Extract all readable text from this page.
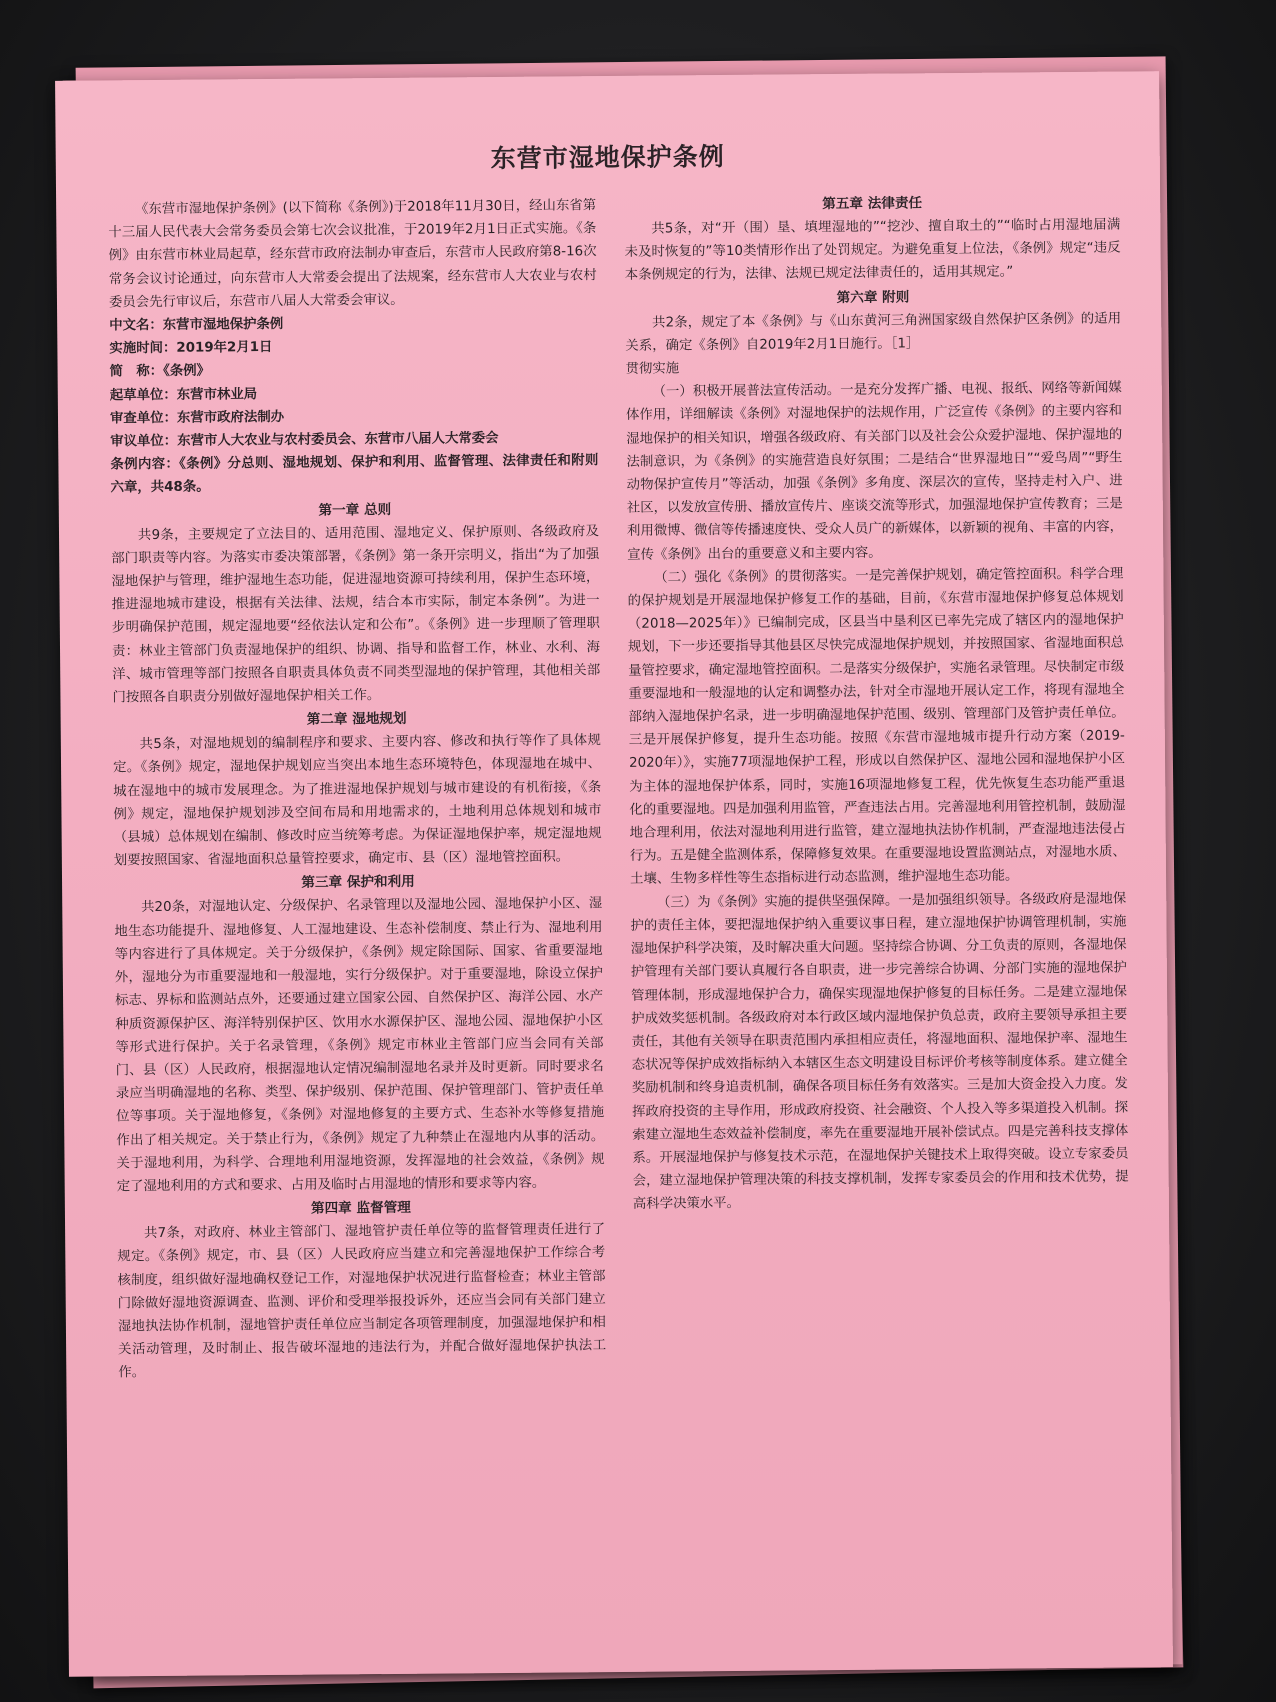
东营市湿地保护条例

《东营市湿地保护条例》(以下简称《条例》)于2018年11月30日，经山东省第十三届人民代表大会常务委员会第七次会议批准，于2019年2月1日正式实施。《条例》由东营市林业局起草，经东营市政府法制办审查后，东营市人民政府第8-16次常务会议讨论通过，向东营市人大常委会提出了法规案，经东营市人大农业与农村委员会先行审议后，东营市八届人大常委会审议。

中文名：东营市湿地保护条例

实施时间：2019年2月1日

简　称：《条例》

起草单位：东营市林业局

审查单位：东营市政府法制办

审议单位：东营市人大农业与农村委员会、东营市八届人大常委会

条例内容：《条例》分总则、湿地规划、保护和利用、监督管理、法律责任和附则六章，共48条。

第一章 总则

共9条，主要规定了立法目的、适用范围、湿地定义、保护原则、各级政府及部门职责等内容。为落实市委决策部署，《条例》第一条开宗明义，指出“为了加强湿地保护与管理，维护湿地生态功能，促进湿地资源可持续利用，保护生态环境，推进湿地城市建设，根据有关法律、法规，结合本市实际，制定本条例”。为进一步明确保护范围，规定湿地要“经依法认定和公布”。《条例》进一步理顺了管理职责：林业主管部门负责湿地保护的组织、协调、指导和监督工作，林业、水利、海洋、城市管理等部门按照各自职责具体负责不同类型湿地的保护管理，其他相关部门按照各自职责分别做好湿地保护相关工作。

第二章 湿地规划

共5条，对湿地规划的编制程序和要求、主要内容、修改和执行等作了具体规定。《条例》规定，湿地保护规划应当突出本地生态环境特色，体现湿地在城中、城在湿地中的城市发展理念。为了推进湿地保护规划与城市建设的有机衔接，《条例》规定，湿地保护规划涉及空间布局和用地需求的，土地利用总体规划和城市（县城）总体规划在编制、修改时应当统筹考虑。为保证湿地保护率，规定湿地规划要按照国家、省湿地面积总量管控要求，确定市、县（区）湿地管控面积。

第三章 保护和利用

共20条，对湿地认定、分级保护、名录管理以及湿地公园、湿地保护小区、湿地生态功能提升、湿地修复、人工湿地建设、生态补偿制度、禁止行为、湿地利用等内容进行了具体规定。关于分级保护，《条例》规定除国际、国家、省重要湿地外，湿地分为市重要湿地和一般湿地，实行分级保护。对于重要湿地，除设立保护标志、界标和监测站点外，还要通过建立国家公园、自然保护区、海洋公园、水产种质资源保护区、海洋特别保护区、饮用水水源保护区、湿地公园、湿地保护小区等形式进行保护。关于名录管理，《条例》规定市林业主管部门应当会同有关部门、县（区）人民政府，根据湿地认定情况编制湿地名录并及时更新。同时要求名录应当明确湿地的名称、类型、保护级别、保护范围、保护管理部门、管护责任单位等事项。关于湿地修复，《条例》对湿地修复的主要方式、生态补水等修复措施作出了相关规定。关于禁止行为，《条例》规定了九种禁止在湿地内从事的活动。关于湿地利用，为科学、合理地利用湿地资源，发挥湿地的社会效益，《条例》规定了湿地利用的方式和要求、占用及临时占用湿地的情形和要求等内容。

第四章 监督管理

共7条，对政府、林业主管部门、湿地管护责任单位等的监督管理责任进行了规定。《条例》规定，市、县（区）人民政府应当建立和完善湿地保护工作综合考核制度，组织做好湿地确权登记工作，对湿地保护状况进行监督检查；林业主管部门除做好湿地资源调查、监测、评价和受理举报投诉外，还应当会同有关部门建立湿地执法协作机制，湿地管护责任单位应当制定各项管理制度，加强湿地保护和相关活动管理，及时制止、报告破坏湿地的违法行为，并配合做好湿地保护执法工作。

第五章 法律责任

共5条，对“开（围）垦、填埋湿地的”“挖沙、擅自取土的”“临时占用湿地届满未及时恢复的”等10类情形作出了处罚规定。为避免重复上位法，《条例》规定“违反本条例规定的行为，法律、法规已规定法律责任的，适用其规定。”

第六章 附则

共2条，规定了本《条例》与《山东黄河三角洲国家级自然保护区条例》的适用关系，确定《条例》自2019年2月1日施行。［1］

贯彻实施

（一）积极开展普法宣传活动。一是充分发挥广播、电视、报纸、网络等新闻媒体作用，详细解读《条例》对湿地保护的法规作用，广泛宣传《条例》的主要内容和湿地保护的相关知识，增强各级政府、有关部门以及社会公众爱护湿地、保护湿地的法制意识，为《条例》的实施营造良好氛围；二是结合“世界湿地日”“爱鸟周”“野生动物保护宣传月”等活动，加强《条例》多角度、深层次的宣传，坚持走村入户、进社区，以发放宣传册、播放宣传片、座谈交流等形式，加强湿地保护宣传教育；三是利用微博、微信等传播速度快、受众人员广的新媒体，以新颖的视角、丰富的内容，宣传《条例》出台的重要意义和主要内容。

（二）强化《条例》的贯彻落实。一是完善保护规划，确定管控面积。科学合理的保护规划是开展湿地保护修复工作的基础，目前，《东营市湿地保护修复总体规划（2018—2025年）》已编制完成，区县当中垦利区已率先完成了辖区内的湿地保护规划，下一步还要指导其他县区尽快完成湿地保护规划，并按照国家、省湿地面积总量管控要求，确定湿地管控面积。二是落实分级保护，实施名录管理。尽快制定市级重要湿地和一般湿地的认定和调整办法，针对全市湿地开展认定工作，将现有湿地全部纳入湿地保护名录，进一步明确湿地保护范围、级别、管理部门及管护责任单位。三是开展保护修复，提升生态功能。按照《东营市湿地城市提升行动方案（2019-2020年）》，实施77项湿地保护工程，形成以自然保护区、湿地公园和湿地保护小区为主体的湿地保护体系，同时，实施16项湿地修复工程，优先恢复生态功能严重退化的重要湿地。四是加强利用监管，严查违法占用。完善湿地利用管控机制，鼓励湿地合理利用，依法对湿地利用进行监管，建立湿地执法协作机制，严查湿地违法侵占行为。五是健全监测体系，保障修复效果。在重要湿地设置监测站点，对湿地水质、土壤、生物多样性等生态指标进行动态监测，维护湿地生态功能。

（三）为《条例》实施的提供坚强保障。一是加强组织领导。各级政府是湿地保护的责任主体，要把湿地保护纳入重要议事日程，建立湿地保护协调管理机制，实施湿地保护科学决策，及时解决重大问题。坚持综合协调、分工负责的原则，各湿地保护管理有关部门要认真履行各自职责，进一步完善综合协调、分部门实施的湿地保护管理体制，形成湿地保护合力，确保实现湿地保护修复的目标任务。二是建立湿地保护成效奖惩机制。各级政府对本行政区域内湿地保护负总责，政府主要领导承担主要责任，其他有关领导在职责范围内承担相应责任，将湿地面积、湿地保护率、湿地生态状况等保护成效指标纳入本辖区生态文明建设目标评价考核等制度体系。建立健全奖励机制和终身追责机制，确保各项目标任务有效落实。三是加大资金投入力度。发挥政府投资的主导作用，形成政府投资、社会融资、个人投入等多渠道投入机制。探索建立湿地生态效益补偿制度，率先在重要湿地开展补偿试点。四是完善科技支撑体系。开展湿地保护与修复技术示范，在湿地保护关键技术上取得突破。设立专家委员会，建立湿地保护管理决策的科技支撑机制，发挥专家委员会的作用和技术优势，提高科学决策水平。
